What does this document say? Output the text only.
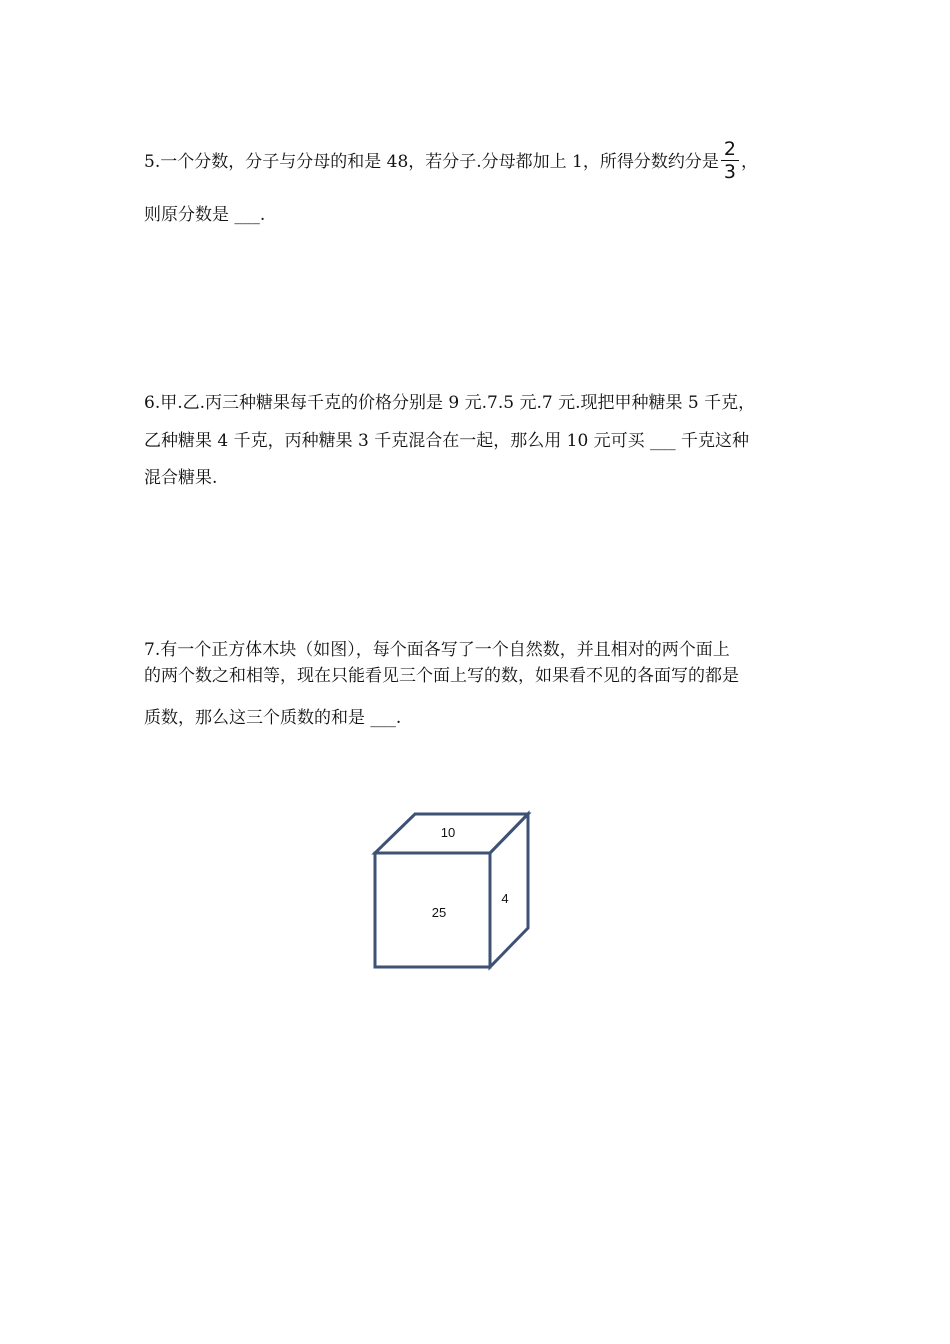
5.一个分数，分子与分母的和是 48，若分子.分母都加上 1，所得分数约分是 $\frac{2}{3}$ ，
则原分数是 ___.
6.甲.乙.丙三种糖果每千克的价格分别是 9 元.7.5 元.7 元.现把甲种糖果 5 千克，
乙种糖果 4 千克，丙种糖果 3 千克混合在一起，那么用 10 元可买 ___ 千克这种
混合糖果.
7.有一个正方体木块（如图），每个面各写了一个自然数，并且相对的两个面上
的两个数之和相等，现在只能看见三个面上写的数，如果看不见的各面写的都是
质数，那么这三个质数的和是 ___.
10
25
4
